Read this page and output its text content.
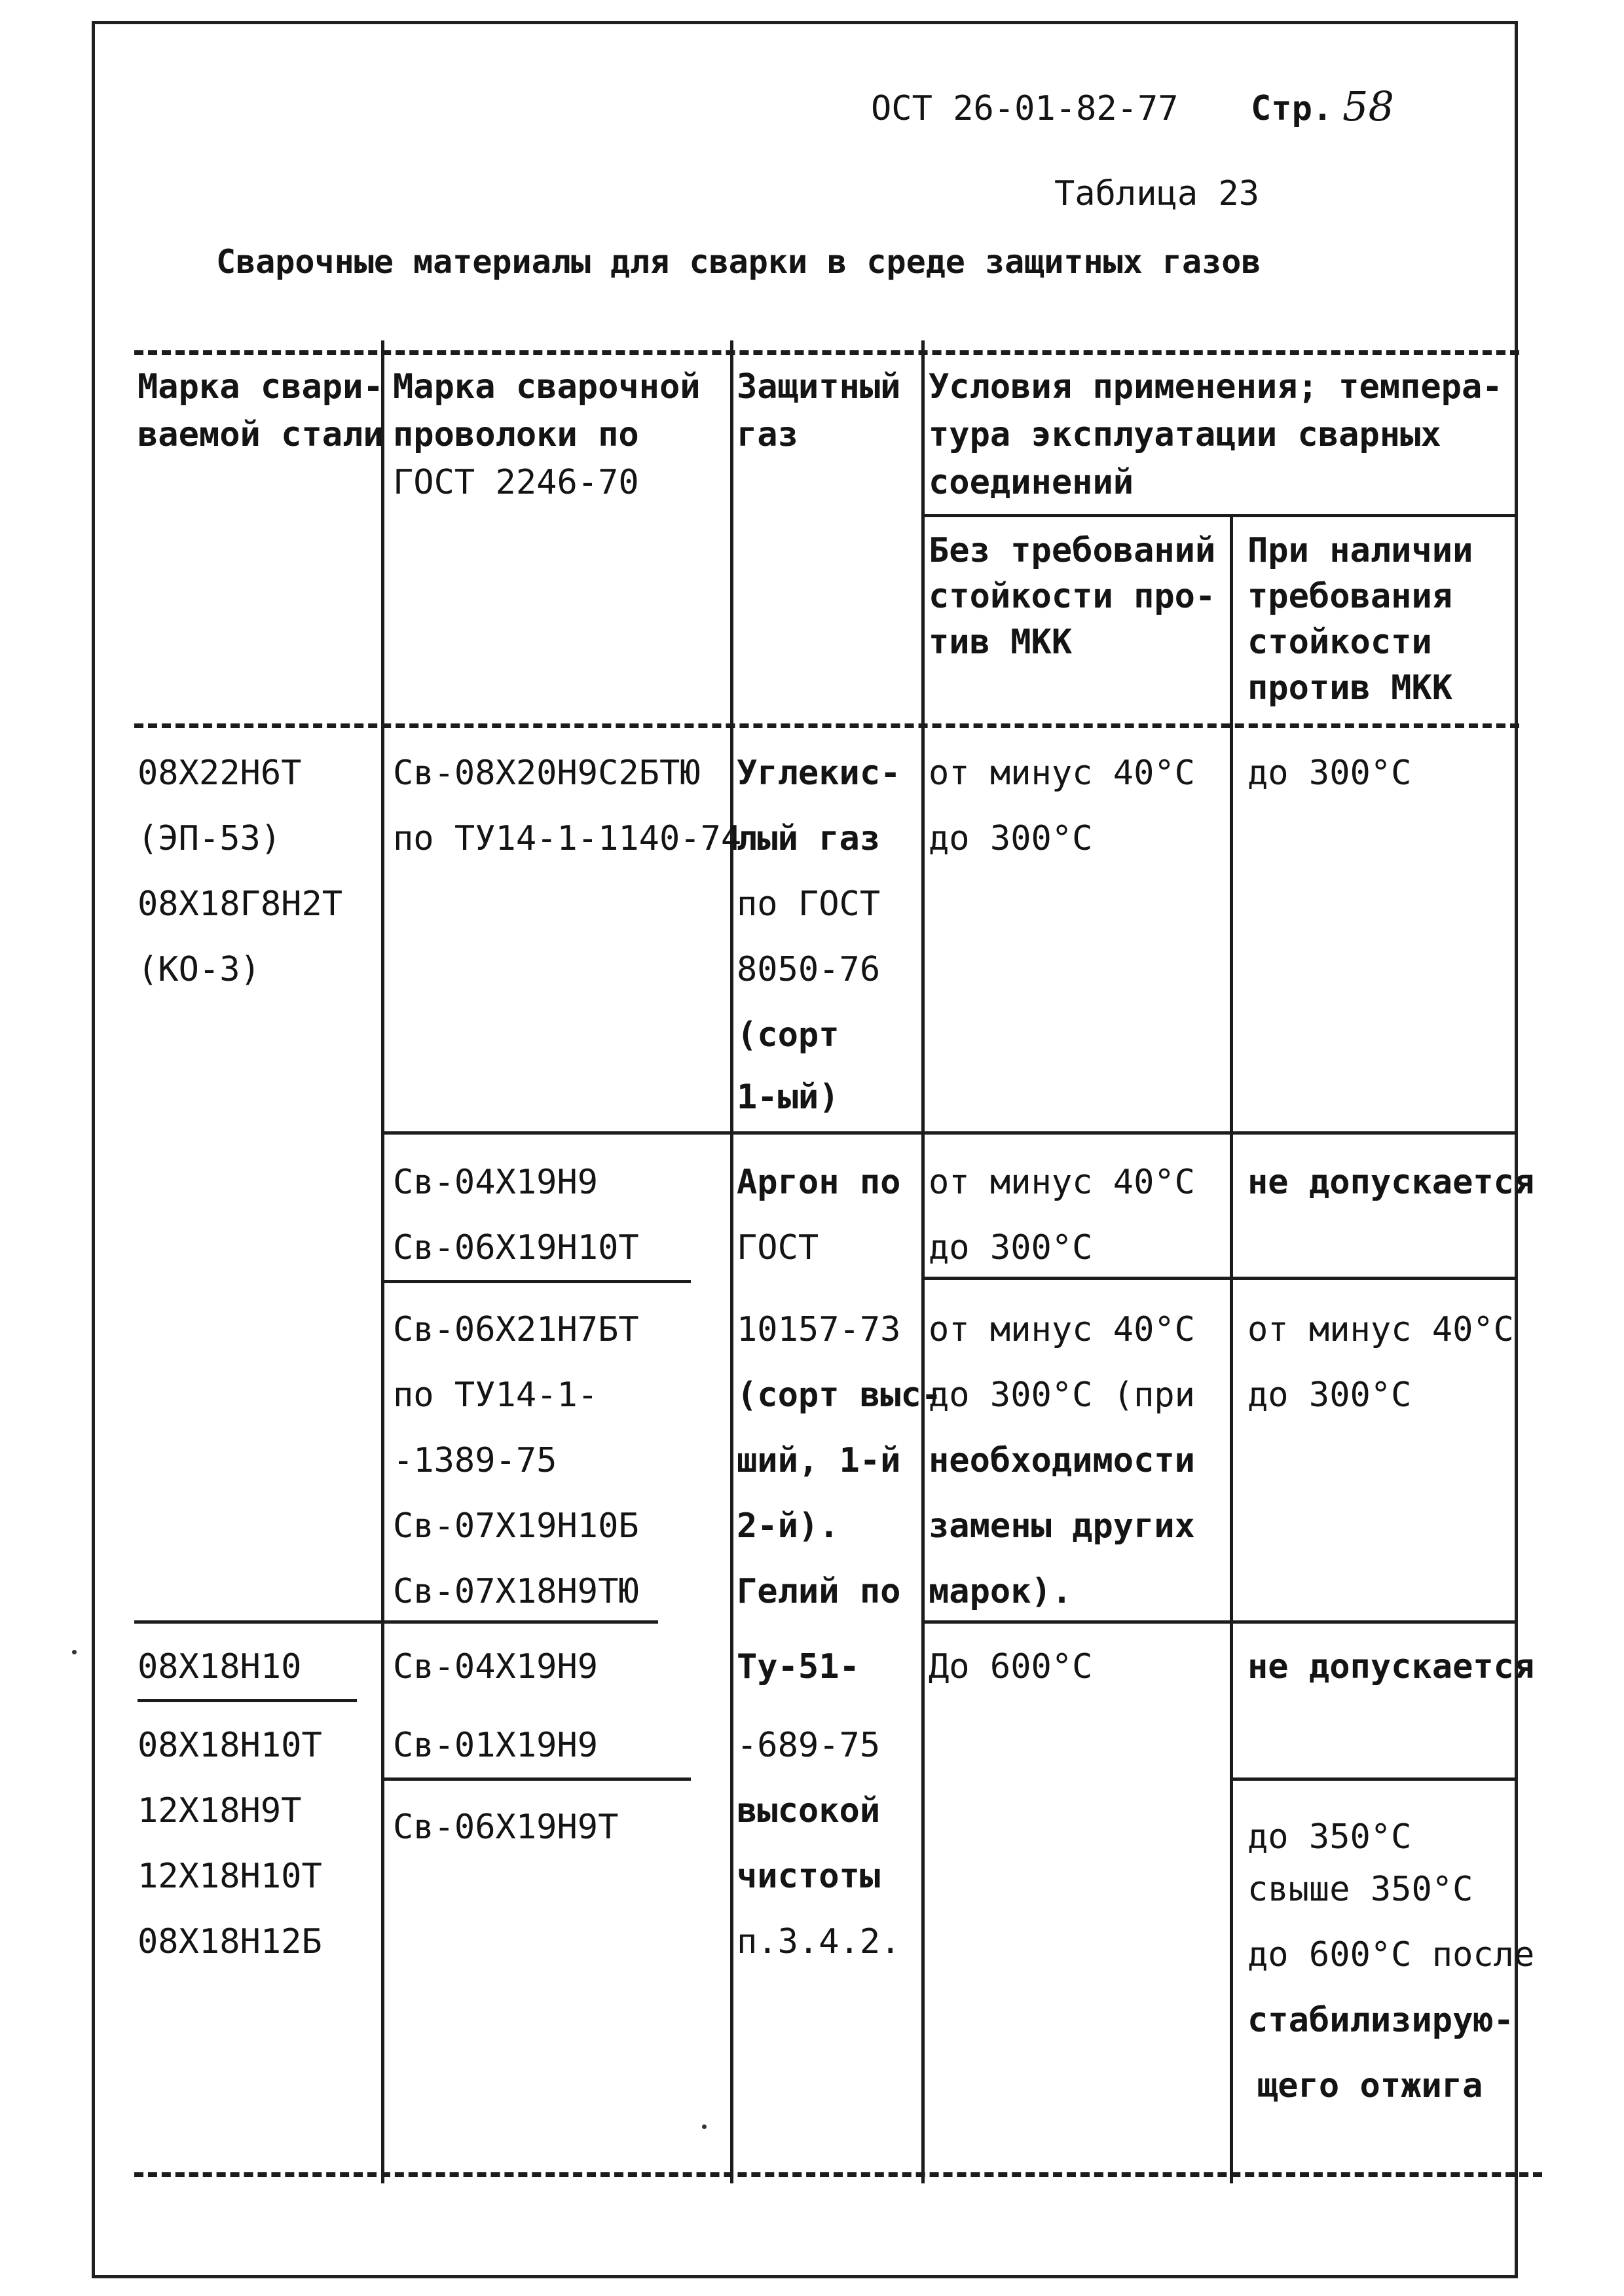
ОСТ 26-01-82-77 Стр. 58
Таблица 23
Сварочные материалы для сварки в среде защитных газов
Марка свари-
ваемой стали
Марка сварочной
проволоки по
ГОСТ 2246-70
Защитный
газ
Условия применения; темпера-
тура эксплуатации сварных
соединений
Без требований
стойкости про-
тив МКК
При наличии
требования
стойкости
против МКК
08Х22Н6Т
(ЭП-53)
08Х18Г8Н2Т
(КО-3)
08Х18Н10
08Х18Н10Т
12Х18Н9Т
12Х18Н10Т
08Х18Н12Б
Св-08Х20Н9С2БТЮ
по ТУ14-1-1140-74
Св-04Х19Н9
Св-06Х19Н10Т
Св-06Х21Н7БТ
по ТУ14-1-
-1389-75
Св-07Х19Н10Б
Св-07Х18Н9ТЮ
Св-04Х19Н9
Св-01Х19Н9
Св-06Х19Н9Т
Углекис-
лый газ
по ГОСТ
8050-76
(сорт
1-ый)
Аргон по
ГОСТ
10157-73
(сорт выс-
ший, 1-й
2-й).
Гелий по
Ту-51-
-689-75
высокой
чистоты
п.3.4.2.
от минус 40°С
до 300°С
от минус 40°С
до 300°С
от минус 40°С
до 300°С (при
необходимости
замены других
марок).
До 600°С
до 300°С
не допускается
от минус 40°С
до 300°С
не допускается
до 350°С
свыше 350°С
до 600°С после
стабилизирую-
щего отжига
